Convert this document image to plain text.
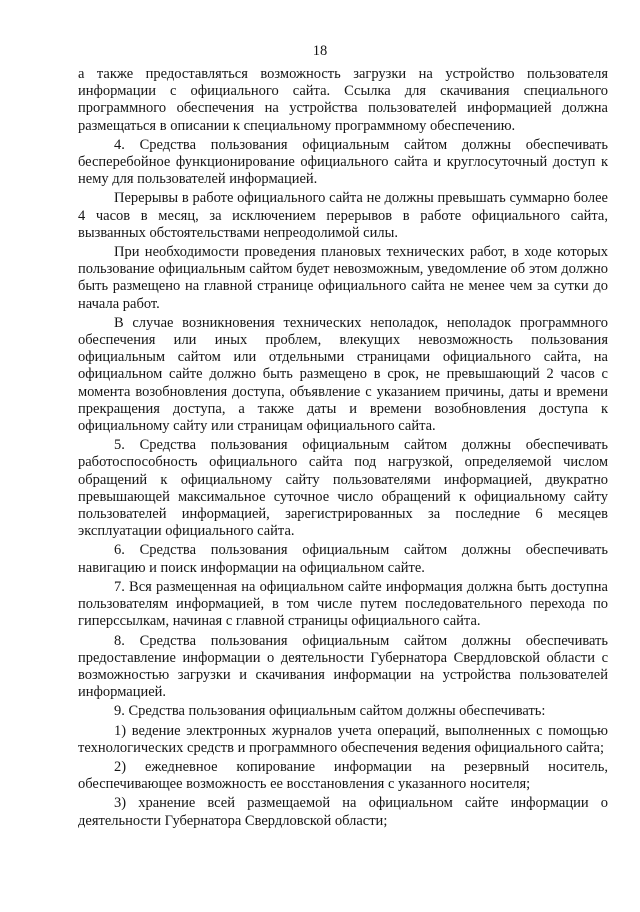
18

а также предоставляться возможность загрузки на устройство пользователя информации с официального сайта. Ссылка для скачивания специального программного обеспечения на устройства пользователей информацией должна размещаться в описании к специальному программному обеспечению.

4. Средства пользования официальным сайтом должны обеспечивать бесперебойное функционирование официального сайта и круглосуточный доступ к нему для пользователей информацией.

Перерывы в работе официального сайта не должны превышать суммарно более 4 часов в месяц, за исключением перерывов в работе официального сайта, вызванных обстоятельствами непреодолимой силы.

При необходимости проведения плановых технических работ, в ходе которых пользование официальным сайтом будет невозможным, уведомление об этом должно быть размещено на главной странице официального сайта не менее чем за сутки до начала работ.

В случае возникновения технических неполадок, неполадок программного обеспечения или иных проблем, влекущих невозможность пользования официальным сайтом или отдельными страницами официального сайта, на официальном сайте должно быть размещено в срок, не превышающий 2 часов с момента возобновления доступа, объявление с указанием причины, даты и времени прекращения доступа, а также даты и времени возобновления доступа к официальному сайту или страницам официального сайта.

5. Средства пользования официальным сайтом должны обеспечивать работоспособность официального сайта под нагрузкой, определяемой числом обращений к официальному сайту пользователями информацией, двукратно превышающей максимальное суточное число обращений к официальному сайту пользователей информацией, зарегистрированных за последние 6 месяцев эксплуатации официального сайта.

6. Средства пользования официальным сайтом должны обеспечивать навигацию и поиск информации на официальном сайте.

7. Вся размещенная на официальном сайте информация должна быть доступна пользователям информацией, в том числе путем последовательного перехода по гиперссылкам, начиная с главной страницы официального сайта.

8. Средства пользования официальным сайтом должны обеспечивать предоставление информации о деятельности Губернатора Свердловской области с возможностью загрузки и скачивания информации на устройства пользователей информацией.

9. Средства пользования официальным сайтом должны обеспечивать:

1) ведение электронных журналов учета операций, выполненных с помощью технологических средств и программного обеспечения ведения официального сайта;

2) ежедневное копирование информации на резервный носитель, обеспечивающее возможность ее восстановления с указанного носителя;

3) хранение всей размещаемой на официальном сайте информации о деятельности Губернатора Свердловской области;
